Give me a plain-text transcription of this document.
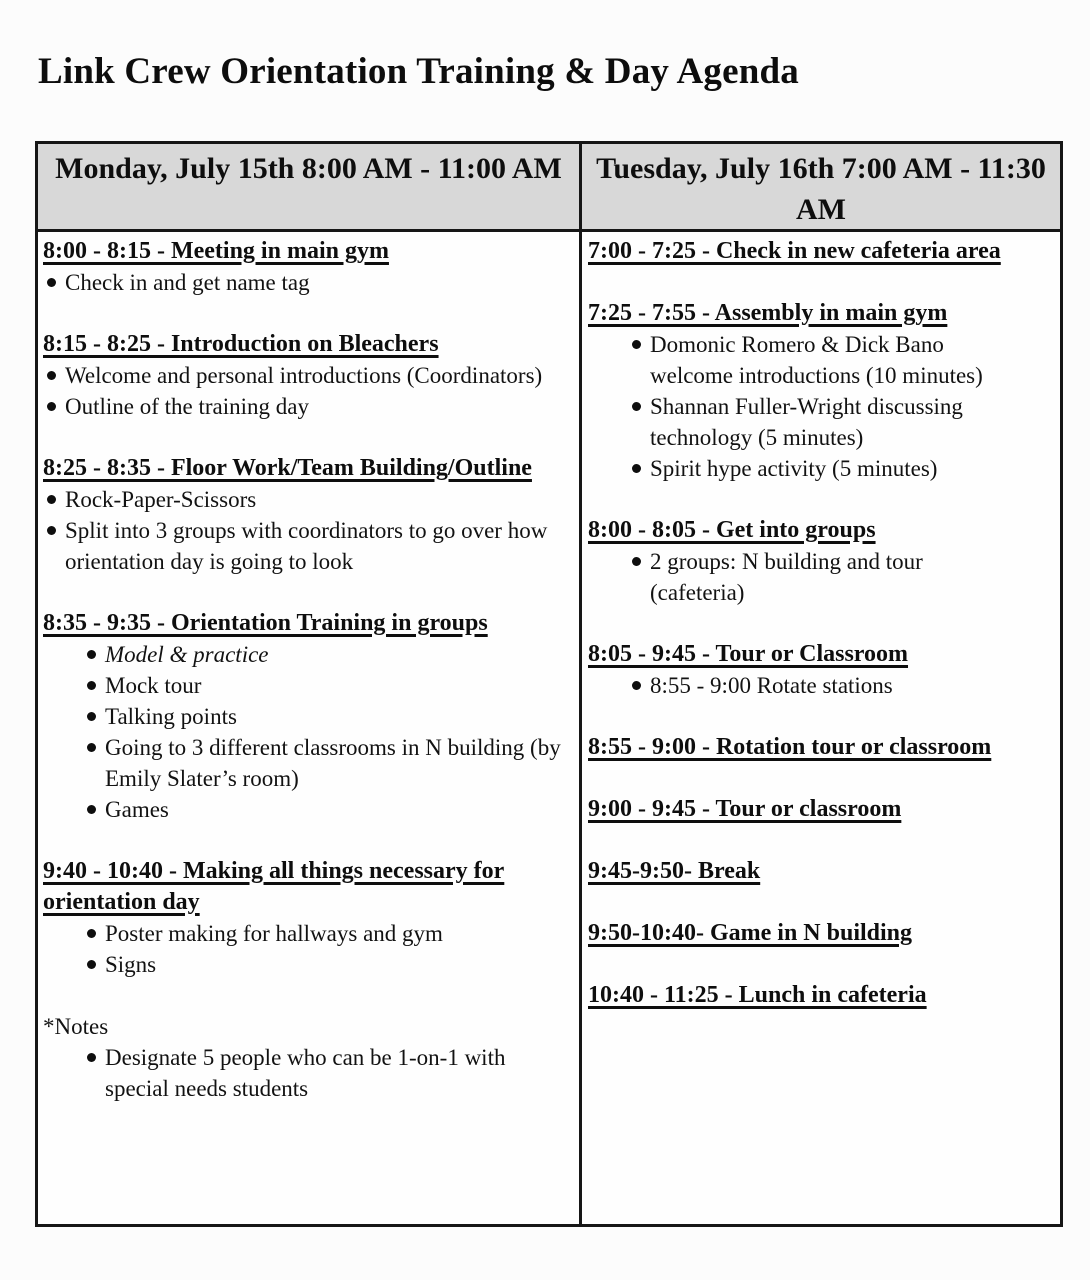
Link Crew Orientation Training & Day Agenda
Monday, July 15th 8:00 AM - 11:00 AM	Tuesday, July 16th 7:00 AM - 11:30 AM
8:00 - 8:15 - Meeting in main gym
Check in and get name tag
8:15 - 8:25 - Introduction on Bleachers
Welcome and personal introductions (Coordinators)
Outline of the training day
8:25 - 8:35 - Floor Work/Team Building/Outline
Rock-Paper-Scissors
Split into 3 groups with coordinators to go over how orientation day is going to look
8:35 - 9:35 - Orientation Training in groups
Model & practice
Mock tour
Talking points
Going to 3 different classrooms in N building (by Emily Slater’s room)
Games
9:40 - 10:40 - Making all things necessary for orientation day
Poster making for hallways and gym
Signs
*Notes
Designate 5 people who can be 1-on-1 with special needs students
7:00 - 7:25 - Check in new cafeteria area
7:25 - 7:55 - Assembly in main gym
Domonic Romero & Dick Bano welcome introductions (10 minutes)
Shannan Fuller-Wright discussing technology (5 minutes)
Spirit hype activity (5 minutes)
8:00 - 8:05 - Get into groups
2 groups: N building and tour (cafeteria)
8:05 - 9:45 - Tour or Classroom
8:55 - 9:00 Rotate stations
8:55 - 9:00 - Rotation tour or classroom
9:00 - 9:45 - Tour or classroom
9:45-9:50- Break
9:50-10:40- Game in N building
10:40 - 11:25 - Lunch in cafeteria
